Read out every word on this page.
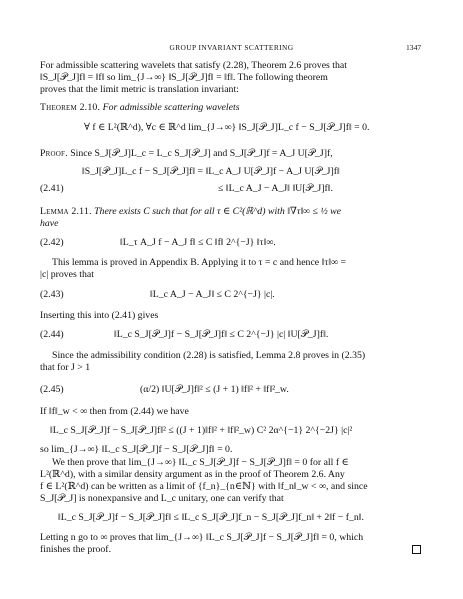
GROUP INVARIANT SCATTERING	1347
For admissible scattering wavelets that satisfy (2.28), Theorem 2.6 proves that
‖S_J[𝒫_J]f‖ = ‖f‖ so lim_{J→∞} ‖S_J[𝒫_J]f‖ = ‖f‖. The following theorem
proves that the limit metric is translation invariant:
Theorem 2.10. For admissible scattering wavelets
∀ f ∈ L²(ℝ^d), ∀c ∈ ℝ^d lim_{J→∞} ‖S_J[𝒫_J]L_c f − S_J[𝒫_J]f‖ = 0.
Proof. Since S_J[𝒫_J]L_c = L_c S_J[𝒫_J] and S_J[𝒫_J]f = A_J U[𝒫_J]f,
‖S_J[𝒫_J]L_c f − S_J[𝒫_J]f‖ = ‖L_c A_J U[𝒫_J]f − A_J U[𝒫_J]f‖
(2.41)	≤ ‖L_c A_J − A_J‖ ‖U[𝒫_J]f‖.
Lemma 2.11. There exists C such that for all τ ∈ C²(ℝ^d) with ‖∇τ‖∞ ≤ ½ we
have
(2.42)	‖L_τ A_J f − A_J f‖ ≤ C ‖f‖ 2^{−J} ‖τ‖∞.
This lemma is proved in Appendix B. Applying it to τ = c and hence ‖τ‖∞ =
|c| proves that
(2.43)	‖L_c A_J − A_J‖ ≤ C 2^{−J} |c|.
Inserting this into (2.41) gives
(2.44)	‖L_c S_J[𝒫_J]f − S_J[𝒫_J]f‖ ≤ C 2^{−J} |c| ‖U[𝒫_J]f‖.
Since the admissibility condition (2.28) is satisfied, Lemma 2.8 proves in (2.35)
that for J > 1
(2.45)	(α/2) ‖U[𝒫_J]f‖² ≤ (J + 1) ‖f‖² + ‖f‖²_w.
If ‖f‖_w < ∞ then from (2.44) we have
‖L_c S_J[𝒫_J]f − S_J[𝒫_J]f‖² ≤ ((J + 1)‖f‖² + ‖f‖²_w) C² 2α^{−1} 2^{−2J} |c|²
so lim_{J→∞} ‖L_c S_J[𝒫_J]f − S_J[𝒫_J]f‖ = 0.
We then prove that lim_{J→∞} ‖L_c S_J[𝒫_J]f − S_J[𝒫_J]f‖ = 0 for all f ∈
L²(ℝ^d), with a similar density argument as in the proof of Theorem 2.6. Any
f ∈ L²(ℝ^d) can be written as a limit of {f_n}_{n∈ℕ} with ‖f_n‖_w < ∞, and since
S_J[𝒫_J] is nonexpansive and L_c unitary, one can verify that
‖L_c S_J[𝒫_J]f − S_J[𝒫_J]f‖ ≤ ‖L_c S_J[𝒫_J]f_n − S_J[𝒫_J]f_n‖ + 2‖f − f_n‖.
Letting n go to ∞ proves that lim_{J→∞} ‖L_c S_J[𝒫_J]f − S_J[𝒫_J]f‖ = 0, which
finishes the proof.
